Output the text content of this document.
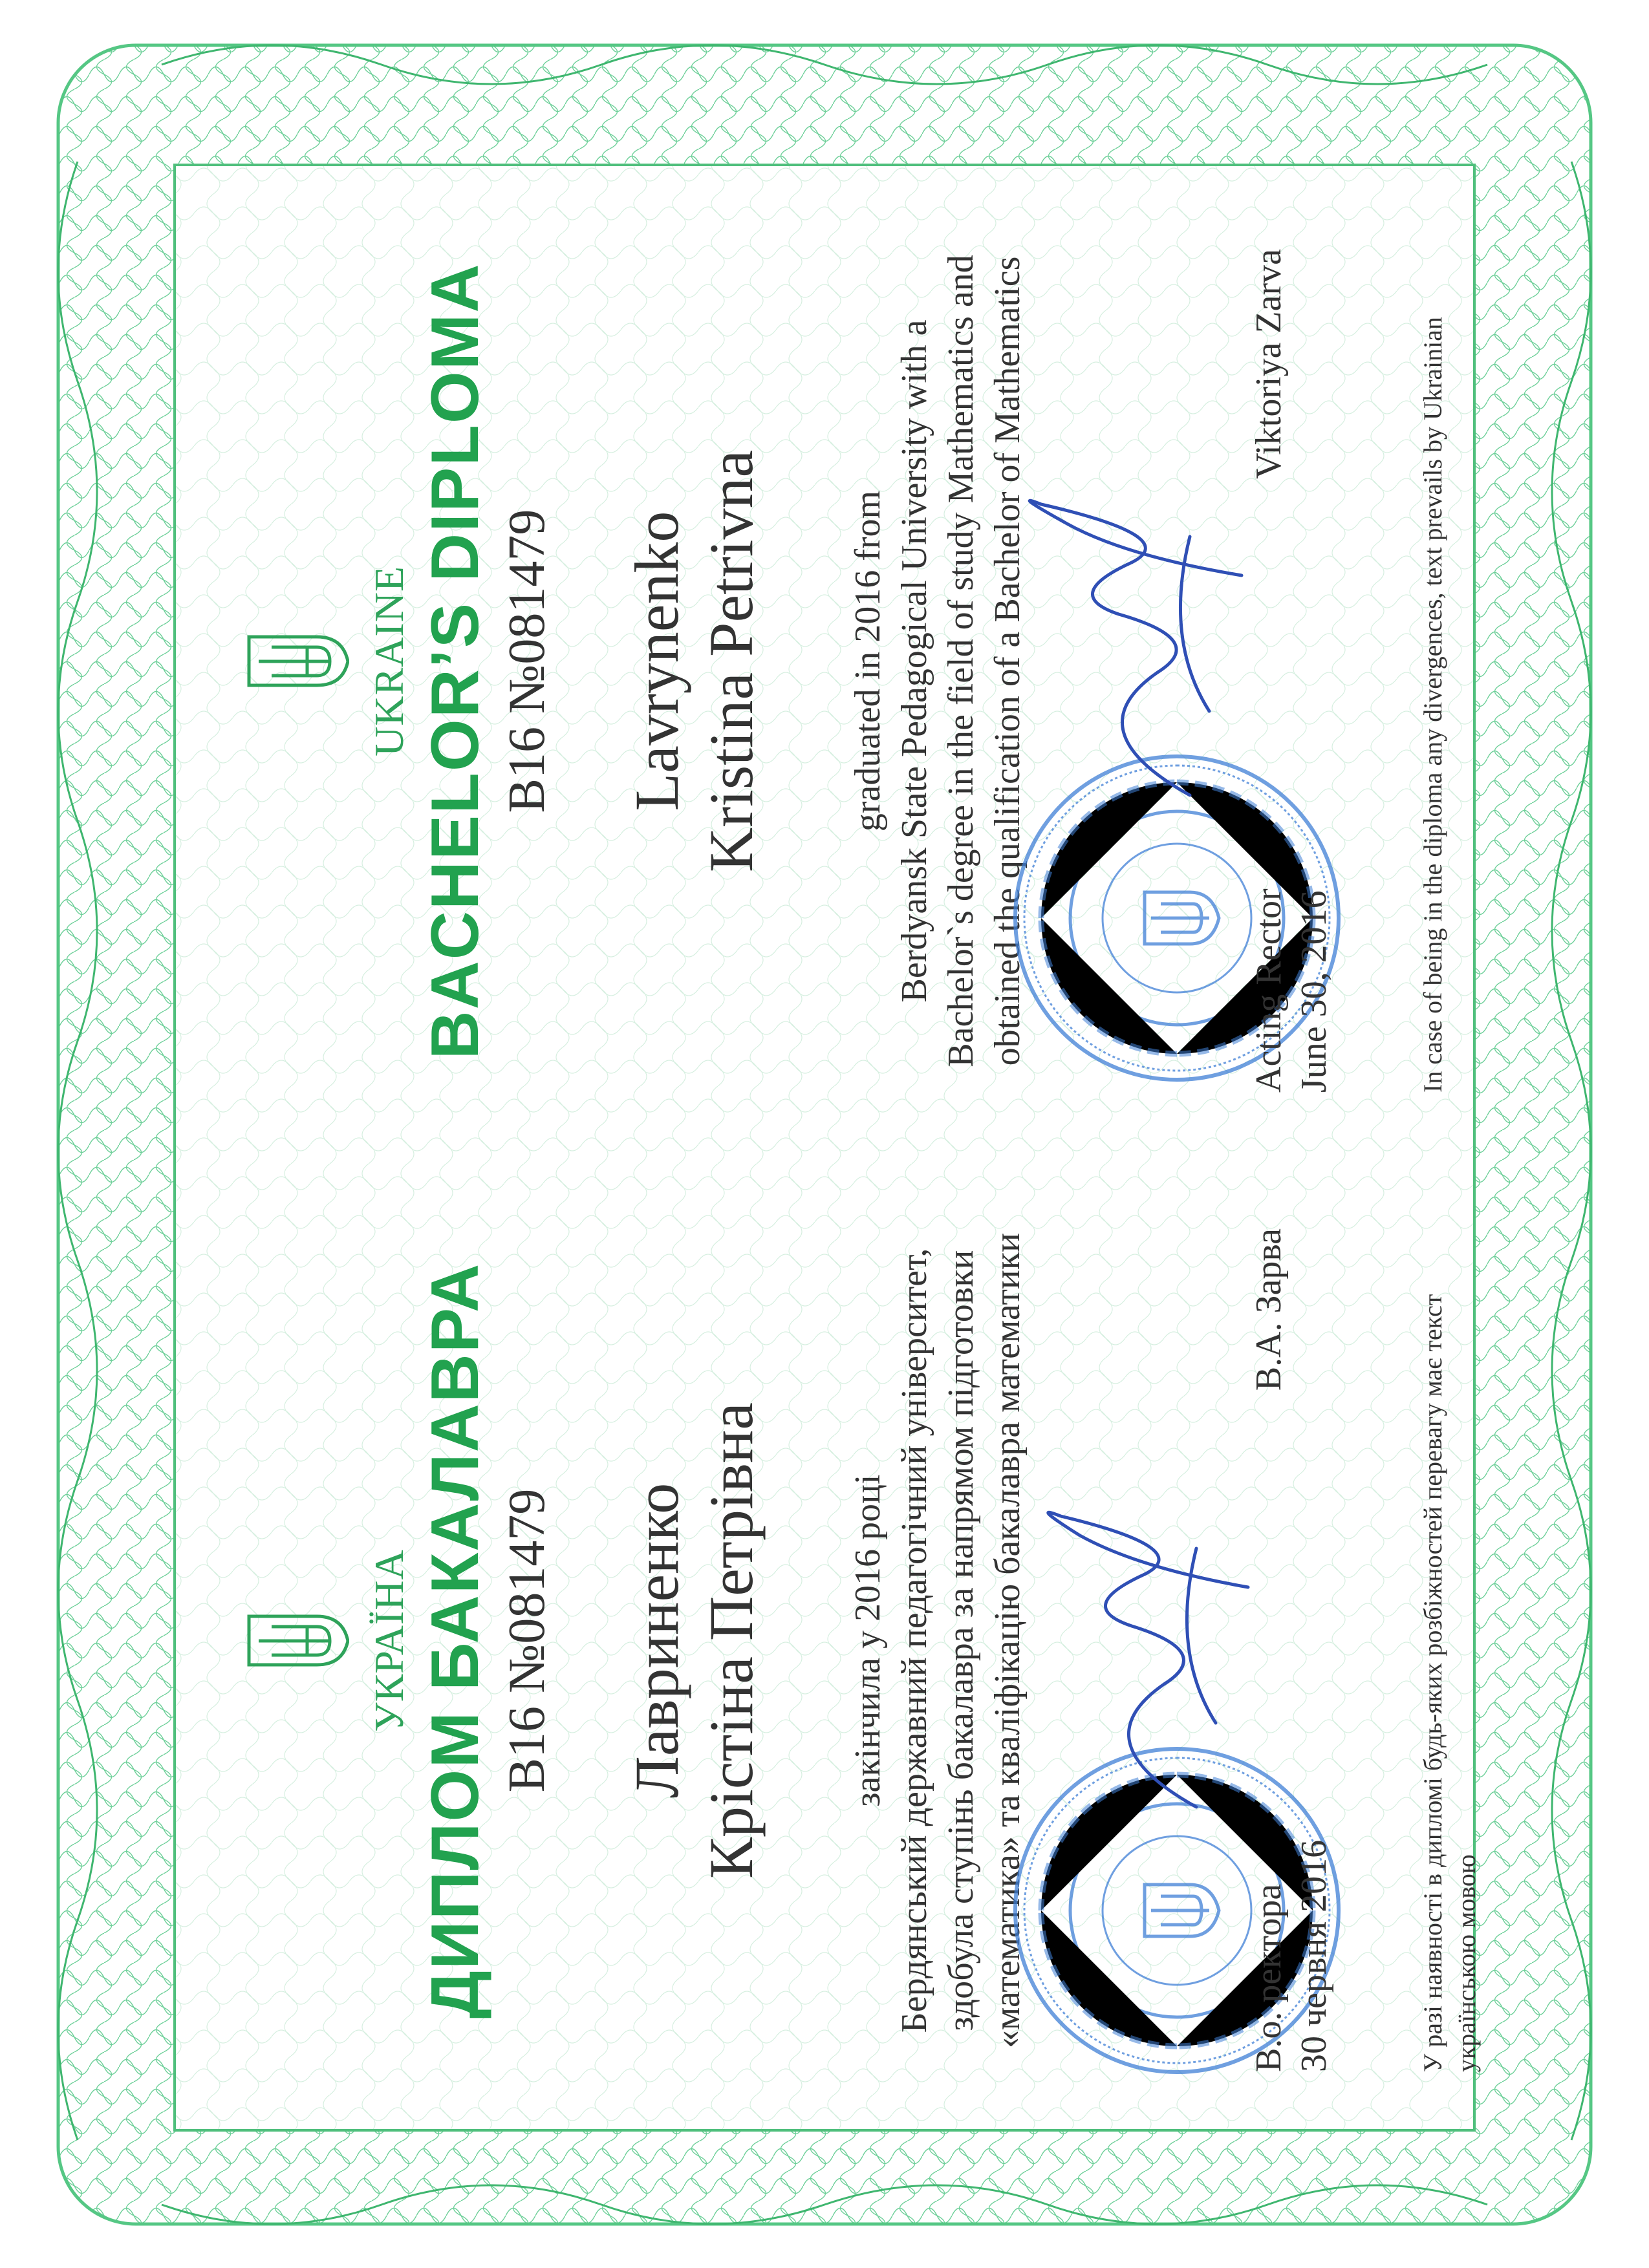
УКРАЇНА ДИПЛОМ БАКАЛАВРА В16 №081479 Лавриненко Крістіна Петрівна закінчила у 2016 році Бердянський державний педагогічний університет, здобула ступінь бакалавра за напрямом підготовки «математика» та кваліфікацію бакалавра математики	В.о. ректора 30 червня 2016
В.А. Зарва	У разі наявності в дипломі будь-яких розбіжностей перевагу має текст українською мовою
UKRAINE BACHELOR’S DIPLOMA B16 №081479 Lavrynenko Kristina Petrivna graduated in 2016 from Berdyansk State Pedagogical University with a Bachelor`s degree in the field of study Mathematics and obtained the qualification of a Bachelor of Mathematics	Acting Rector June 30, 2016
Viktoriya Zarva	In case of being in the diploma any divergences, text prevails by Ukrainian
